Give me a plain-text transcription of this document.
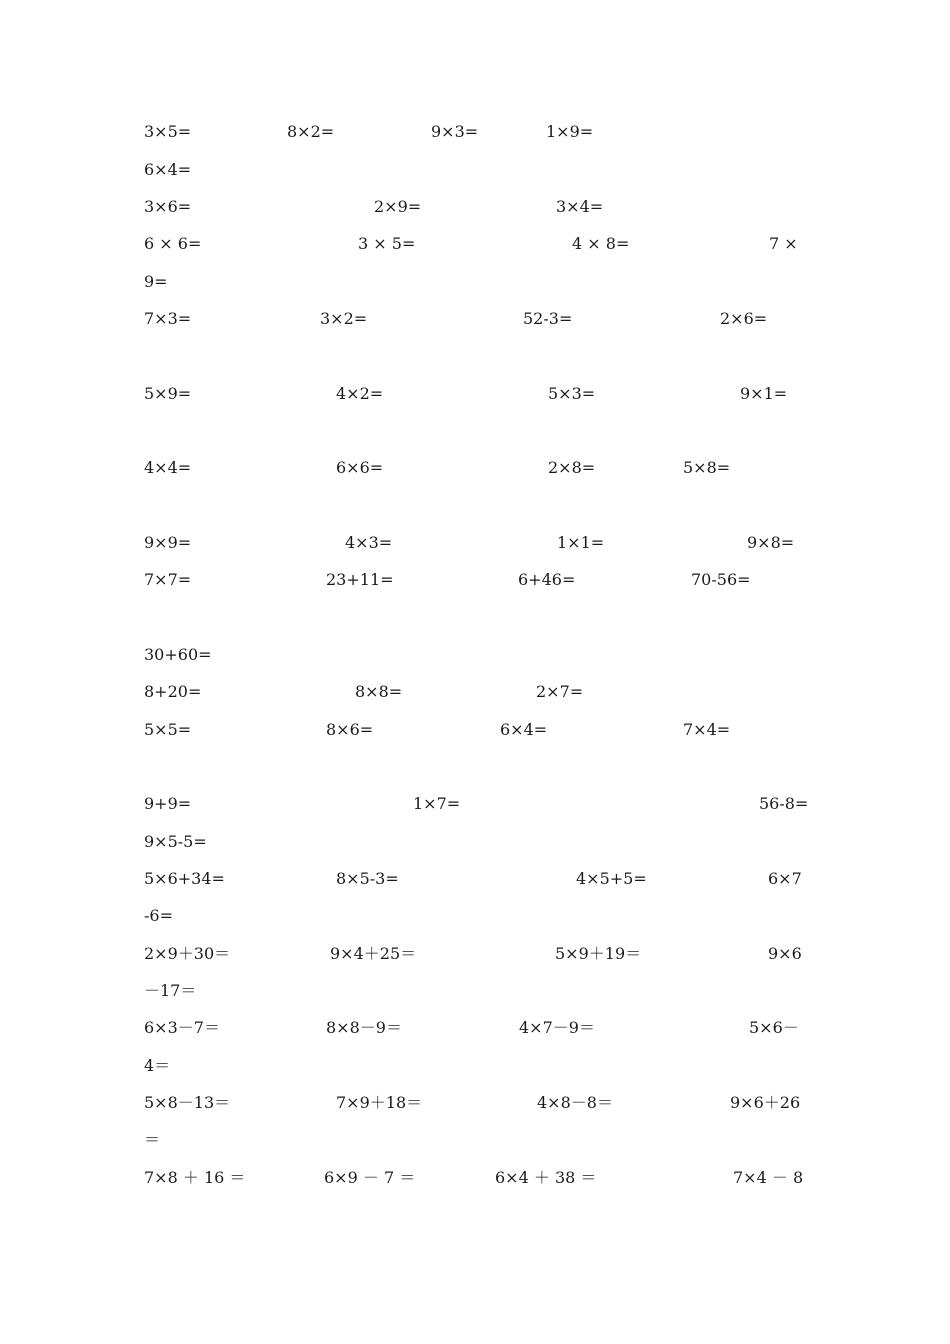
3×5=	8×2=	9×3=	1×9=
6×4=
3×6=	2×9=	3×4=
6 × 6=	3 × 5=	4 × 8=	7 ×
9=
7×3=	3×2=	52-3=	2×6=
5×9=	4×2=	5×3=	9×1=
4×4=	6×6=	2×8=	5×8=
9×9=	4×3=	1×1=	9×8=
7×7=	23+11=	6+46=	70-56=
30+60=
8+20=	8×8=	2×7=
5×5=	8×6=	6×4=	7×4=
9+9=	1×7=	56-8=
9×5-5=
5×6+34=	8×5-3=	4×5+5=	6×7
-6=
2×9＋30＝	9×4＋25＝	5×9＋19＝	9×6
－17＝
6×3－7＝	8×8－9＝	4×7－9＝	5×6－
4＝
5×8－13＝	7×9＋18＝	4×8－8＝	9×6＋26
＝
7×8 ＋ 16 ＝	6×9 － 7 ＝	6×4 ＋ 38 ＝	7×4 － 8
